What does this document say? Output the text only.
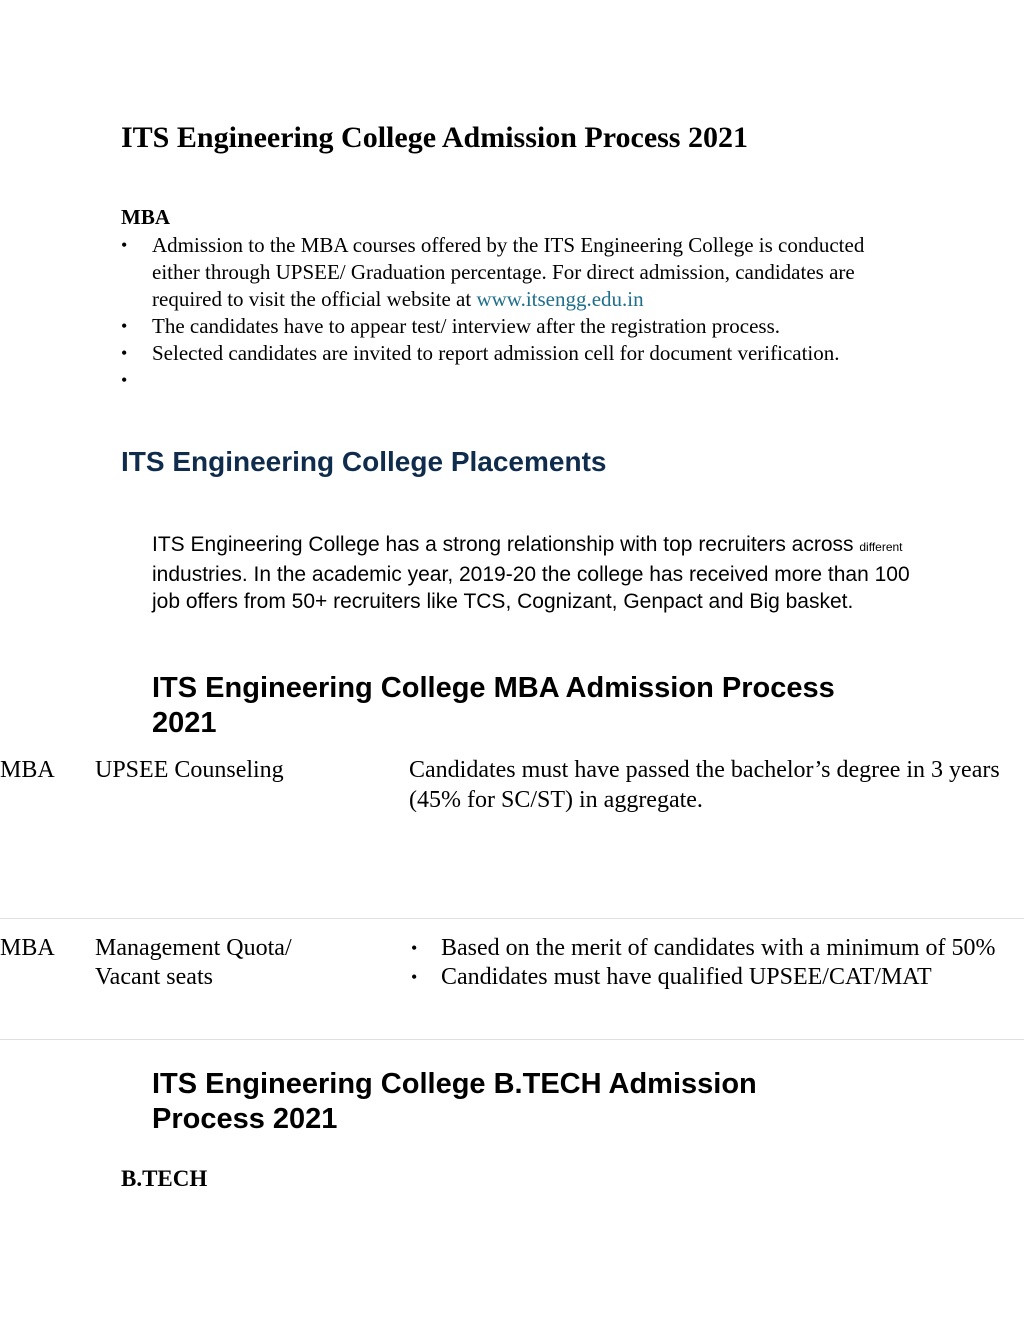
ITS Engineering College Admission Process 2021
MBA
• Admission to the MBA courses offered by the ITS Engineering College is conducted either through UPSEE/ Graduation percentage. For direct admission, candidates are required to visit the official website at www.itsengg.edu.in
• The candidates have to appear test/ interview after the registration process.
• Selected candidates are invited to report admission cell for document verification.
•
ITS Engineering College Placements
ITS Engineering College has a strong relationship with top recruiters across different industries. In the academic year, 2019-20 the college has received more than 100 job offers from 50+ recruiters like TCS, Cognizant, Genpact and Big basket.
ITS Engineering College MBA Admission Process
2021
MBA UPSEE Counseling	Candidates must have passed the bachelor’s degree in 3 years
(45% for SC/ST) in aggregate.
MBA Management Quota/
Vacant seats
• Based on the merit of candidates with a minimum of 50%
• Candidates must have qualified UPSEE/CAT/MAT
ITS Engineering College B.TECH Admission
Process 2021
B.TECH
